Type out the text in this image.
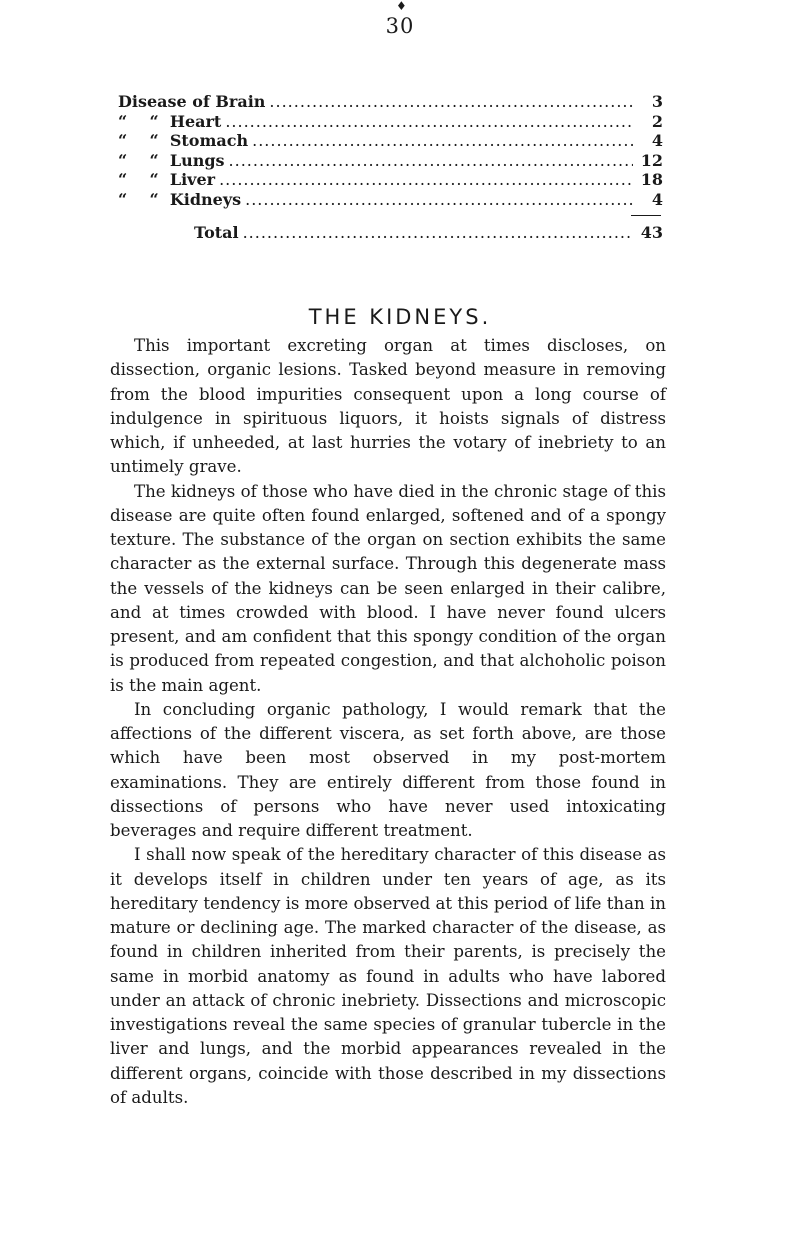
♦
30
Disease of Brain .....	3
“    “  Heart .....	2
“    “  Stomach .....	4
“    “  Lungs .....	12
“    “  Liver .....	18
“    “  Kidneys .....	4
Total .....	43
THE KIDNEYS.

This important excreting organ at times discloses, on dissection, organic lesions. Tasked beyond measure in removing from the blood impurities consequent upon a long course of indulgence in spirituous liquors, it hoists signals of distress which, if unheeded, at last hurries the votary of inebriety to an untimely grave.

The kidneys of those who have died in the chronic stage of this disease are quite often found enlarged, softened and of a spongy texture. The substance of the organ on section exhibits the same character as the external surface. Through this degenerate mass the vessels of the kidneys can be seen enlarged in their calibre, and at times crowded with blood. I have never found ulcers present, and am confident that this spongy condition of the organ is produced from repeated congestion, and that alchoholic poison is the main agent.

In concluding organic pathology, I would remark that the affections of the different viscera, as set forth above, are those which have been most observed in my post-mortem examinations. They are entirely different from those found in dissections of persons who have never used intoxicating beverages and require different treatment.

I shall now speak of the hereditary character of this disease as it develops itself in children under ten years of age, as its hereditary tendency is more observed at this period of life than in mature or declining age. The marked character of the disease, as found in children inherited from their parents, is precisely the same in morbid anatomy as found in adults who have labored under an attack of chronic inebriety. Dissections and microscopic investigations reveal the same species of granular tubercle in the liver and lungs, and the morbid appearances revealed in the different organs, coincide with those described in my dissections of adults.
